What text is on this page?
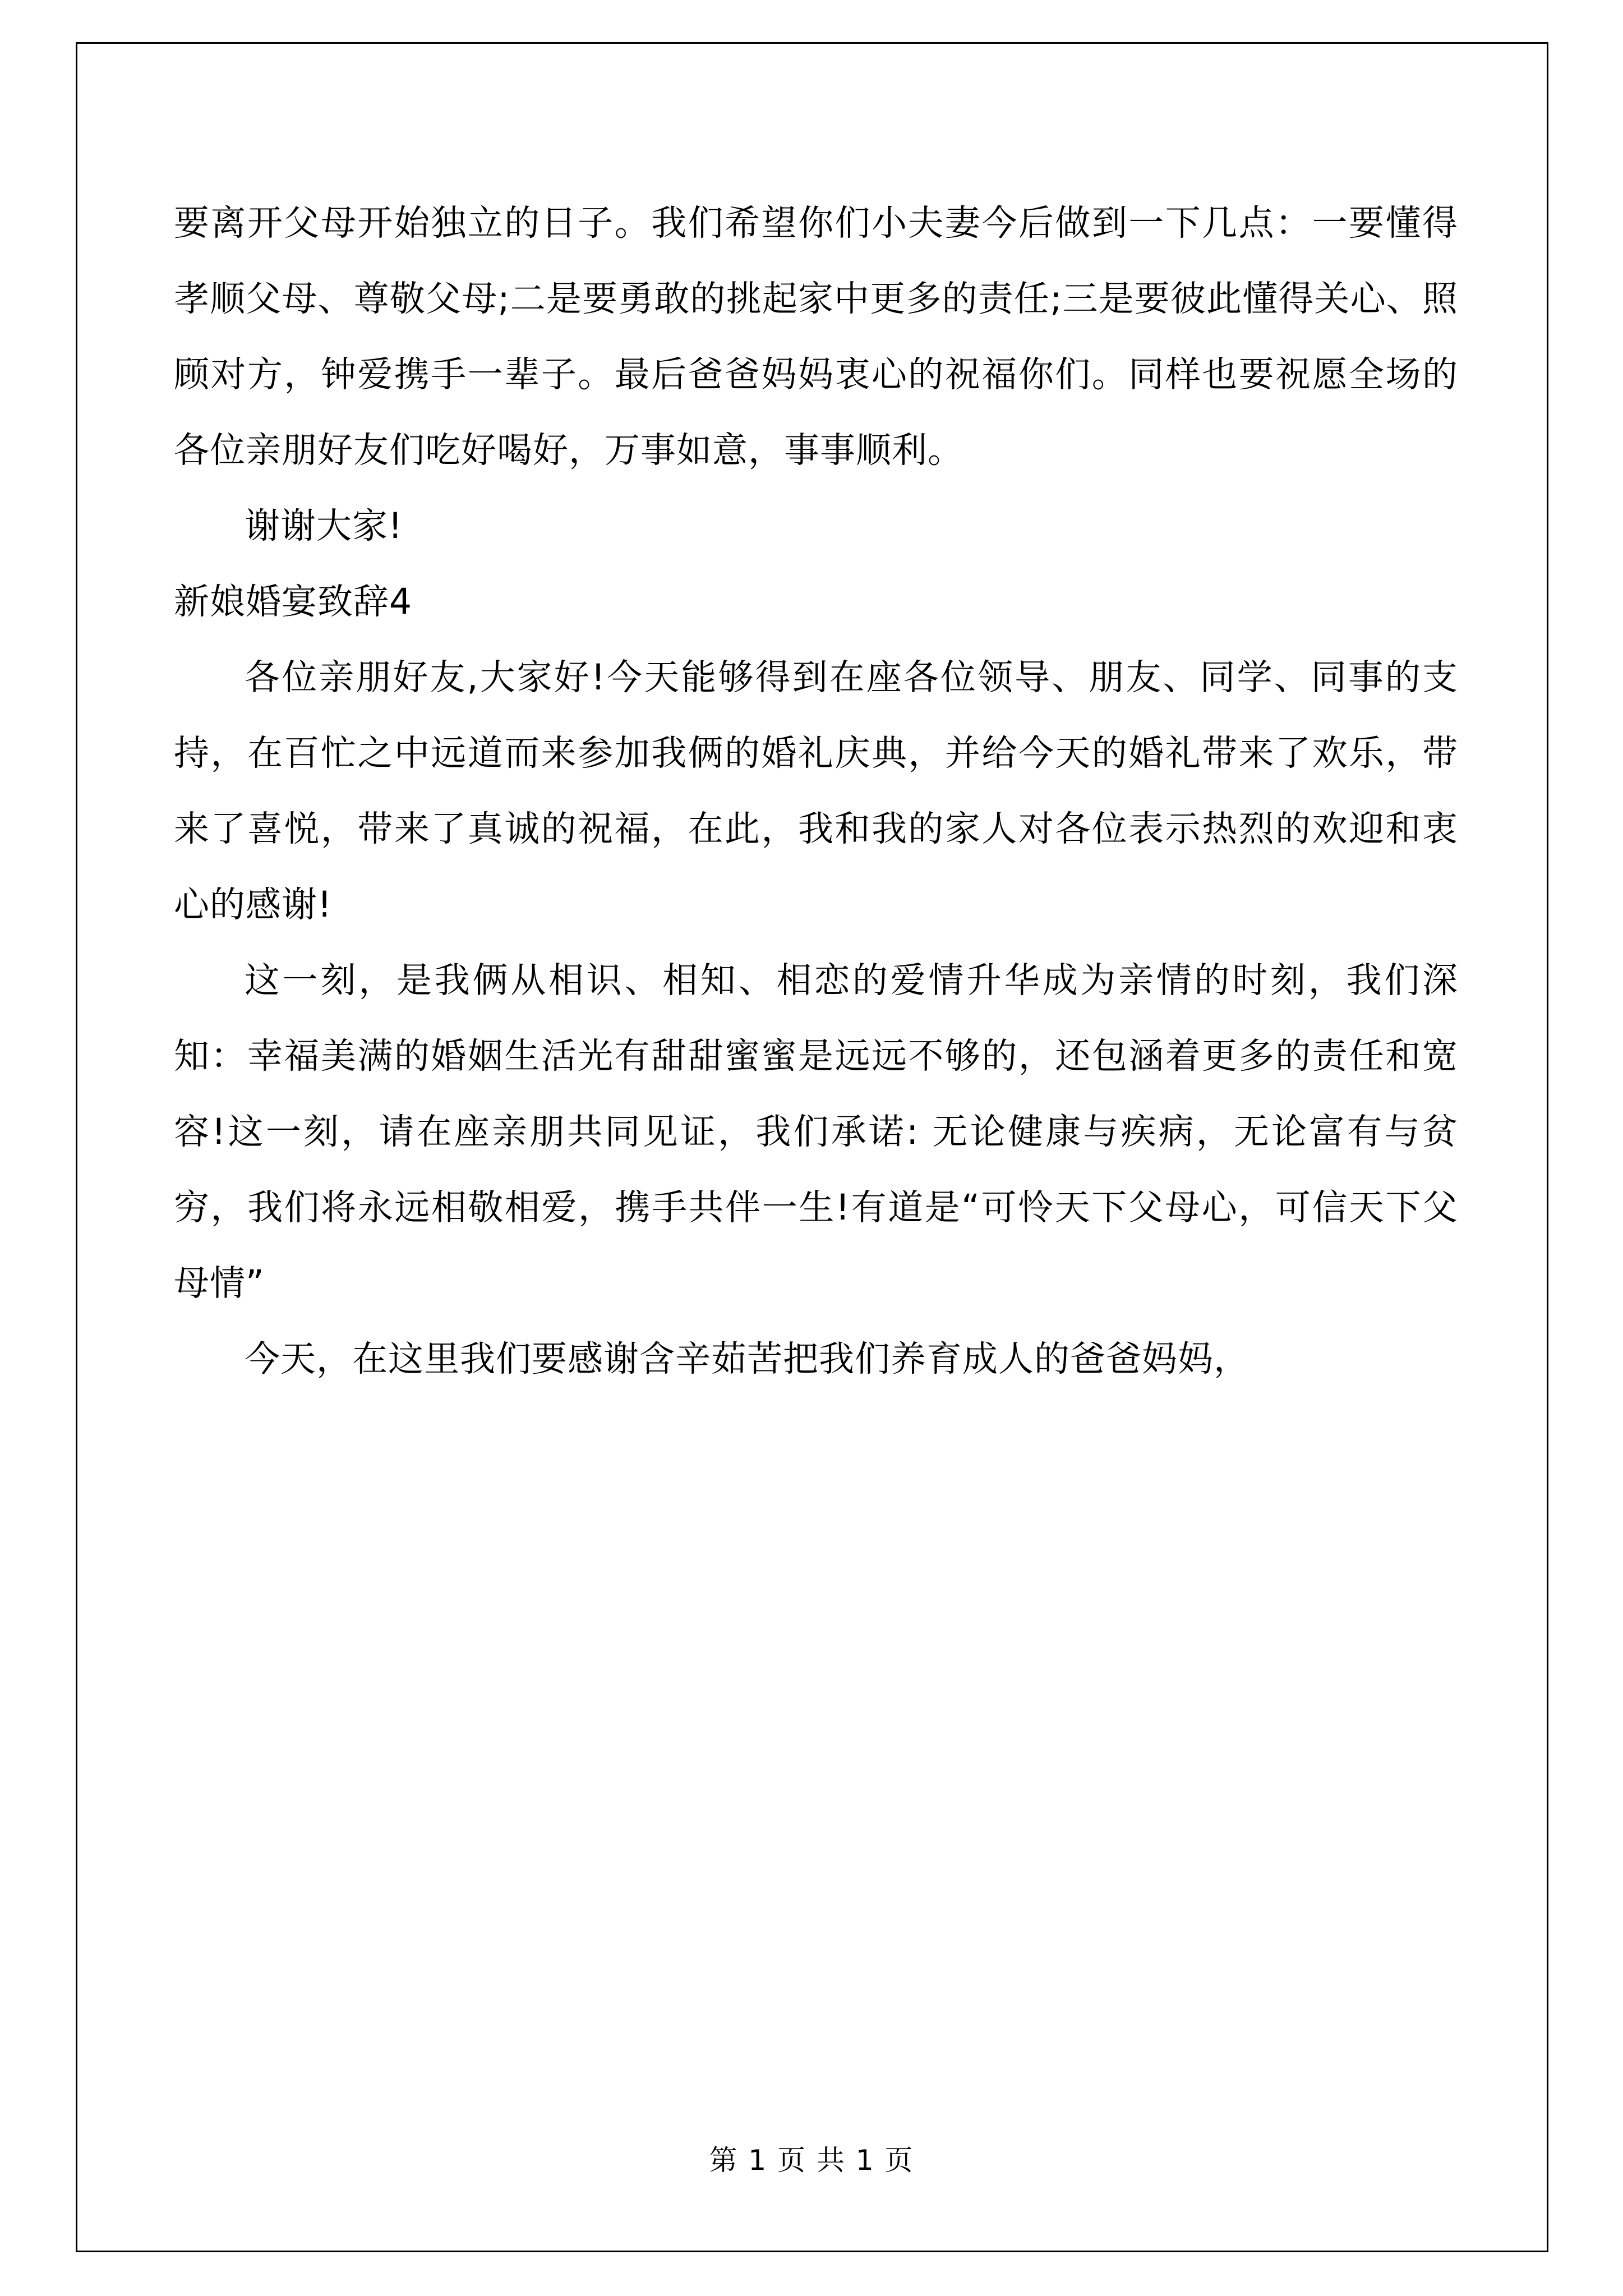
要离开父母开始独立的日子。我们希望你们小夫妻今后做到一下几点：一要懂得孝顺父母、尊敬父母;二是要勇敢的挑起家中更多的责任;三是要彼此懂得关心、照顾对方，钟爱携手一辈子。最后爸爸妈妈衷心的祝福你们。同样也要祝愿全场的各位亲朋好友们吃好喝好，万事如意，事事顺利。

谢谢大家!

新娘婚宴致辞4

各位亲朋好友,大家好!今天能够得到在座各位领导、朋友、同学、同事的支持，在百忙之中远道而来参加我俩的婚礼庆典，并给今天的婚礼带来了欢乐，带来了喜悦，带来了真诚的祝福，在此，我和我的家人对各位表示热烈的欢迎和衷心的感谢!

这一刻，是我俩从相识、相知、相恋的爱情升华成为亲情的时刻，我们深知：幸福美满的婚姻生活光有甜甜蜜蜜是远远不够的，还包涵着更多的责任和宽容!这一刻，请在座亲朋共同见证，我们承诺: 无论健康与疾病，无论富有与贫穷，我们将永远相敬相爱，携手共伴一生!有道是“可怜天下父母心，可信天下父母情”

今天，在这里我们要感谢含辛茹苦把我们养育成人的爸爸妈妈，

第 1 页 共 1 页
